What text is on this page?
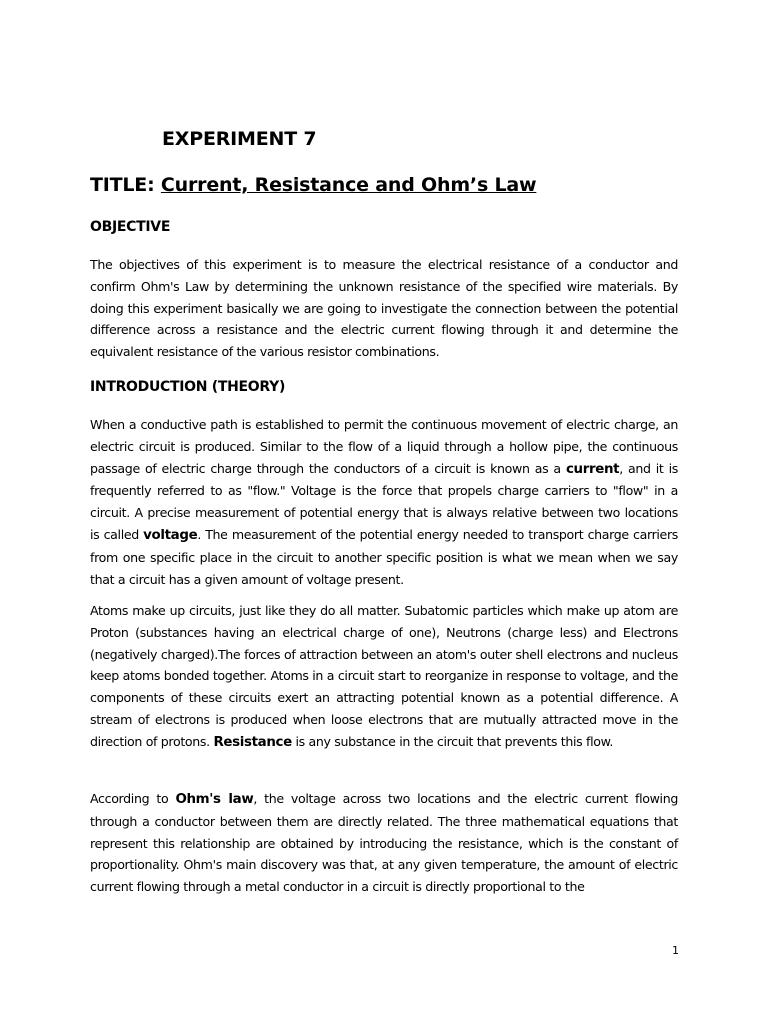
EXPERIMENT 7
TITLE: Current, Resistance and Ohm’s Law
OBJECTIVE
The objectives of this experiment is to measure the electrical resistance of a conductor and confirm Ohm's Law by determining the unknown resistance of the specified wire materials. By doing this experiment basically we are going to investigate the connection between the potential difference across a resistance and the electric current flowing through it and determine the equivalent resistance of the various resistor combinations.
INTRODUCTION (THEORY)
When a conductive path is established to permit the continuous movement of electric charge, an electric circuit is produced. Similar to the flow of a liquid through a hollow pipe, the continuous passage of electric charge through the conductors of a circuit is known as a current, and it is frequently referred to as "flow." Voltage is the force that propels charge carriers to "flow" in a circuit. A precise measurement of potential energy that is always relative between two locations is called voltage. The measurement of the potential energy needed to transport charge carriers from one specific place in the circuit to another specific position is what we mean when we say that a circuit has a given amount of voltage present.
Atoms make up circuits, just like they do all matter. Subatomic particles which make up atom are Proton (substances having an electrical charge of one), Neutrons (charge less) and Electrons (negatively charged).The forces of attraction between an atom's outer shell electrons and nucleus keep atoms bonded together. Atoms in a circuit start to reorganize in response to voltage, and the components of these circuits exert an attracting potential known as a potential difference. A stream of electrons is produced when loose electrons that are mutually attracted move in the direction of protons. Resistance is any substance in the circuit that prevents this flow.
According to Ohm's law, the voltage across two locations and the electric current flowing through a conductor between them are directly related. The three mathematical equations that represent this relationship are obtained by introducing the resistance, which is the constant of proportionality. Ohm's main discovery was that, at any given temperature, the amount of electric current flowing through a metal conductor in a circuit is directly proportional to the
1
